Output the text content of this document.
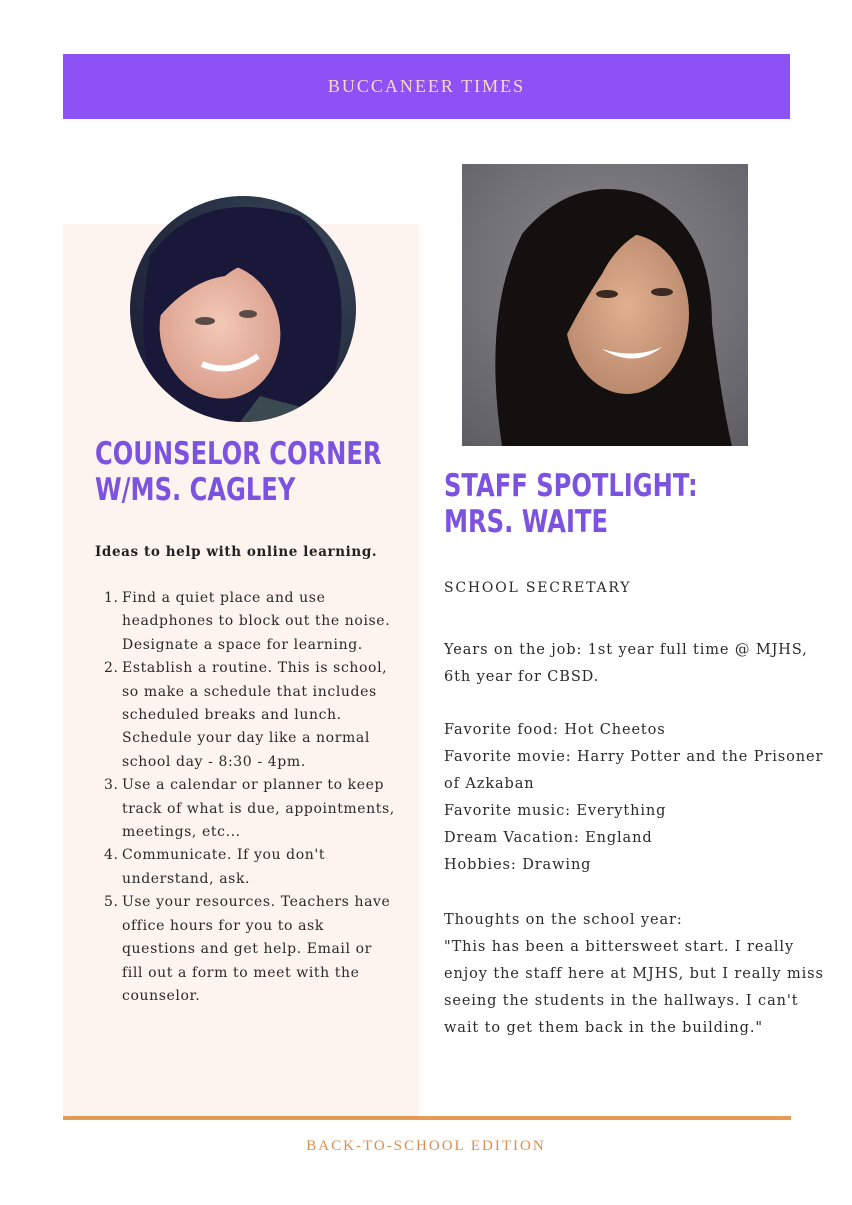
BUCCANEER TIMES
COUNSELOR CORNER
W/MS. CAGLEY
Ideas to help with online learning.
1. Find a quiet place and use headphones to block out the noise. Designate a space for learning.
2. Establish a routine. This is school, so make a schedule that includes scheduled breaks and lunch. Schedule your day like a normal school day - 8:30 - 4pm.
3. Use a calendar or planner to keep track of what is due, appointments, meetings, etc...
4. Communicate. If you don't understand, ask.
5. Use your resources. Teachers have office hours for you to ask questions and get help. Email or fill out a form to meet with the counselor.
STAFF SPOTLIGHT:
MRS. WAITE
SCHOOL SECRETARY

Years on the job: 1st year full time @ MJHS, 6th year for CBSD.

Favorite food: Hot Cheetos

Favorite movie: Harry Potter and the Prisoner of Azkaban

Favorite music: Everything

Dream Vacation: England

Hobbies: Drawing

Thoughts on the school year:

"This has been a bittersweet start. I really enjoy the staff here at MJHS, but I really miss seeing the students in the hallways. I can't wait to get them back in the building."

BACK-TO-SCHOOL EDITION
